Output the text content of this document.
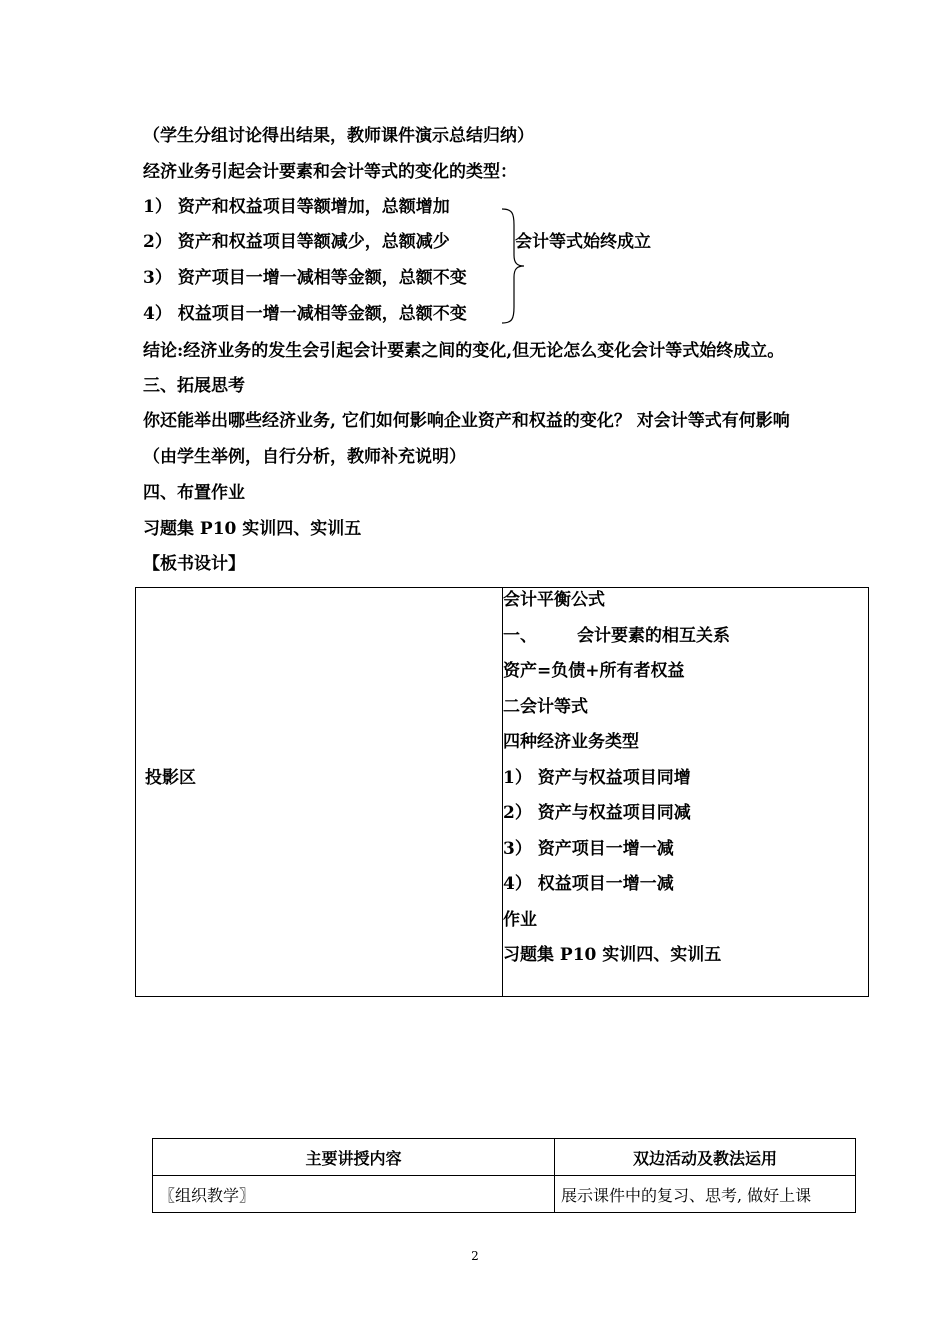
（学生分组讨论得出结果，教师课件演示总结归纳）
经济业务引起会计要素和会计等式的变化的类型：
1） 资产和权益项目等额增加，总额增加
2） 资产和权益项目等额减少，总额减少
3） 资产项目一增一减相等金额，总额不变
4） 权益项目一增一减相等金额，总额不变
会计等式始终成立
结论:经济业务的发生会引起会计要素之间的变化,但无论怎么变化会计等式始终成立。
三、拓展思考
你还能举出哪些经济业务, 它们如何影响企业资产和权益的变化？ 对会计等式有何影响
（由学生举例，自行分析，教师补充说明）
四、布置作业
习题集 P10 实训四、实训五
【板书设计】
投影区

会计平衡公式
一、 会计要素的相互关系
资产=负债+所有者权益
二会计等式
四种经济业务类型
1） 资产与权益项目同增
2） 资产与权益项目同减
3） 资产项目一增一减
4） 权益项目一增一减
作业
习题集 P10 实训四、实训五
主要讲授内容	双边活动及教法运用
〖组织教学〗	展示课件中的复习、思考, 做好上课
2
